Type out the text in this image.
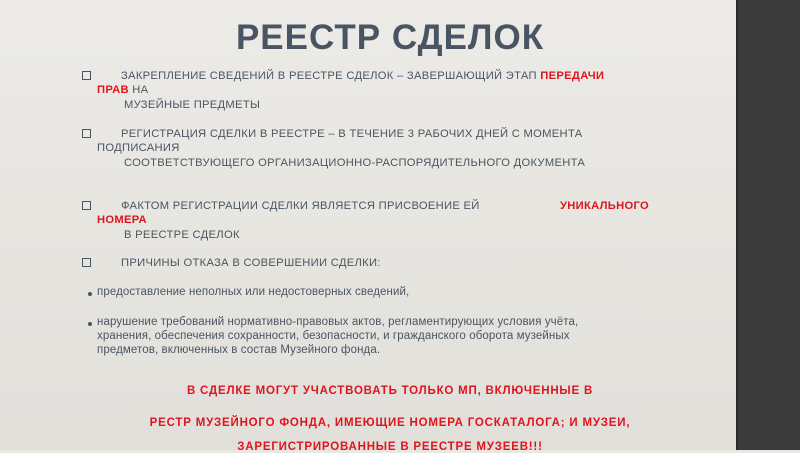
РЕЕСТР СДЕЛОК
ЗАКРЕПЛЕНИЕ СВЕДЕНИЙ В РЕЕСТРЕ СДЕЛОК – ЗАВЕРШАЮЩИЙ ЭТАП ПЕРЕДАЧИ
ПРАВ НА
МУЗЕЙНЫЕ ПРЕДМЕТЫ
РЕГИСТРАЦИЯ СДЕЛКИ В РЕЕСТРЕ – В ТЕЧЕНИЕ 3 РАБОЧИХ ДНЕЙ С МОМЕНТА
ПОДПИСАНИЯ
СООТВЕТСТВУЮЩЕГО ОРГАНИЗАЦИОННО-РАСПОРЯДИТЕЛЬНОГО ДОКУМЕНТА
ФАКТОМ РЕГИСТРАЦИИ СДЕЛКИ ЯВЛЯЕТСЯ ПРИСВОЕНИЕ ЕЙ	УНИКАЛЬНОГО
НОМЕРА
В РЕЕСТРЕ СДЕЛОК
ПРИЧИНЫ ОТКАЗА В СОВЕРШЕНИИ СДЕЛКИ:
предоставление неполных или недостоверных сведений,
нарушение требований нормативно-правовых актов, регламентирующих условия учёта,
хранения, обеспечения сохранности, безопасности, и гражданского оборота музейных
предметов, включенных в состав Музейного фонда.
В СДЕЛКЕ МОГУТ УЧАСТВОВАТЬ ТОЛЬКО МП, ВКЛЮЧЕННЫЕ В
РЕСТР МУЗЕЙНОГО ФОНДА, ИМЕЮЩИЕ НОМЕРА ГОСКАТАЛОГА; И МУЗЕИ,
ЗАРЕГИСТРИРОВАННЫЕ В РЕЕСТРЕ МУЗЕЕВ!!!
